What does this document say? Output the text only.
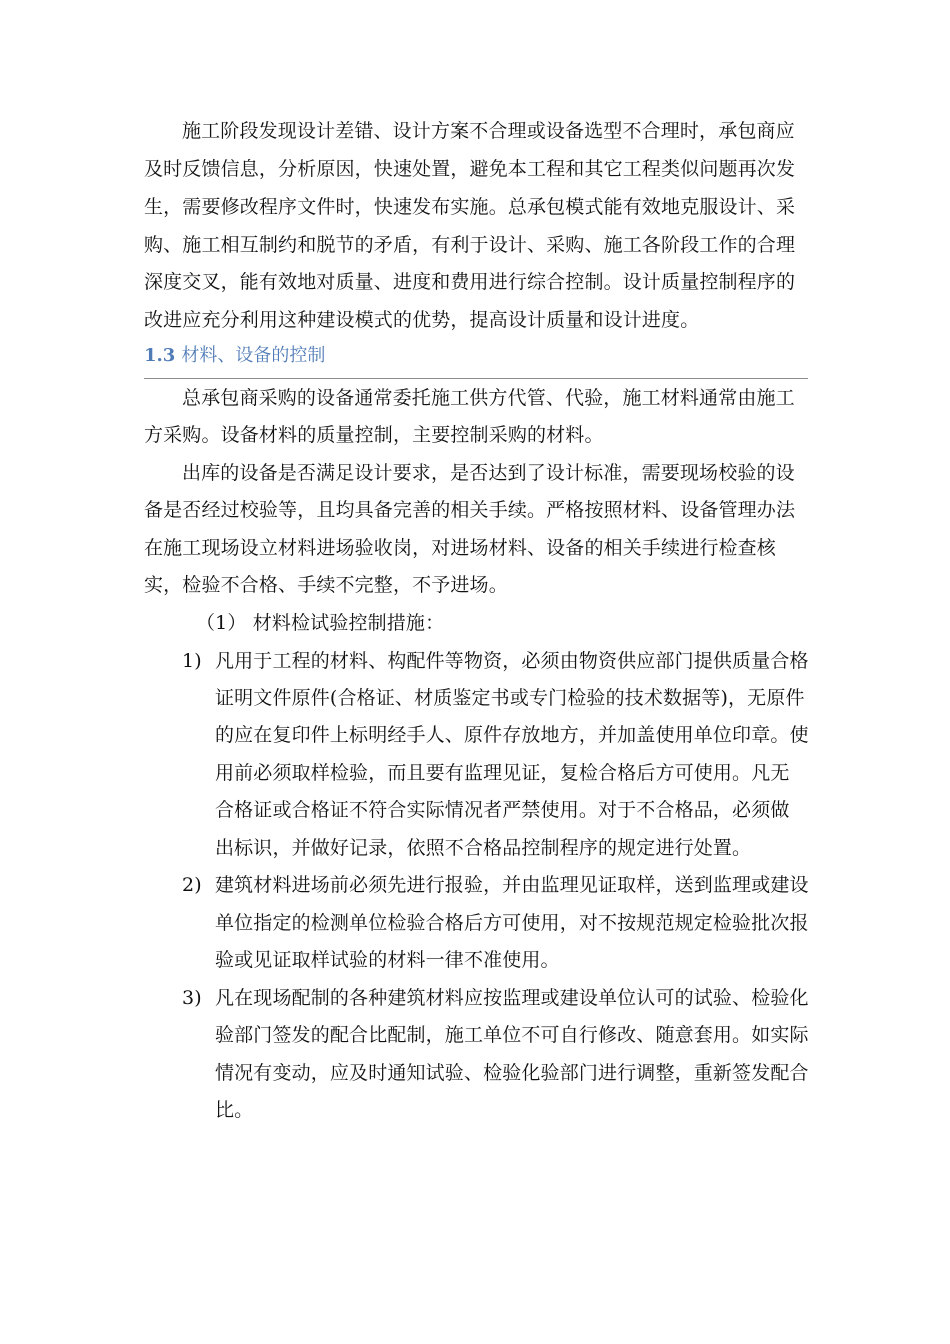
施工阶段发现设计差错、设计方案不合理或设备选型不合理时，承包商应
及时反馈信息，分析原因，快速处置，避免本工程和其它工程类似问题再次发
生，需要修改程序文件时，快速发布实施。总承包模式能有效地克服设计、采
购、施工相互制约和脱节的矛盾，有利于设计、采购、施工各阶段工作的合理
深度交叉，能有效地对质量、进度和费用进行综合控制。设计质量控制程序的
改进应充分利用这种建设模式的优势，提高设计质量和设计进度。
1.3 材料、设备的控制
总承包商采购的设备通常委托施工供方代管、代验，施工材料通常由施工
方采购。设备材料的质量控制，主要控制采购的材料。
出库的设备是否满足设计要求，是否达到了设计标准，需要现场校验的设
备是否经过校验等，且均具备完善的相关手续。严格按照材料、设备管理办法
在施工现场设立材料进场验收岗，对进场材料、设备的相关手续进行检查核
实，检验不合格、手续不完整，不予进场。
（1） 材料检试验控制措施：
1) 凡用于工程的材料、构配件等物资，必须由物资供应部门提供质量合格
证明文件原件(合格证、材质鉴定书或专门检验的技术数据等)，无原件
的应在复印件上标明经手人、原件存放地方，并加盖使用单位印章。使
用前必须取样检验，而且要有监理见证，复检合格后方可使用。凡无
合格证或合格证不符合实际情况者严禁使用。对于不合格品，必须做
出标识，并做好记录，依照不合格品控制程序的规定进行处置。
2) 建筑材料进场前必须先进行报验，并由监理见证取样，送到监理或建设
单位指定的检测单位检验合格后方可使用，对不按规范规定检验批次报
验或见证取样试验的材料一律不准使用。
3) 凡在现场配制的各种建筑材料应按监理或建设单位认可的试验、检验化
验部门签发的配合比配制，施工单位不可自行修改、随意套用。如实际
情况有变动，应及时通知试验、检验化验部门进行调整，重新签发配合
比。
